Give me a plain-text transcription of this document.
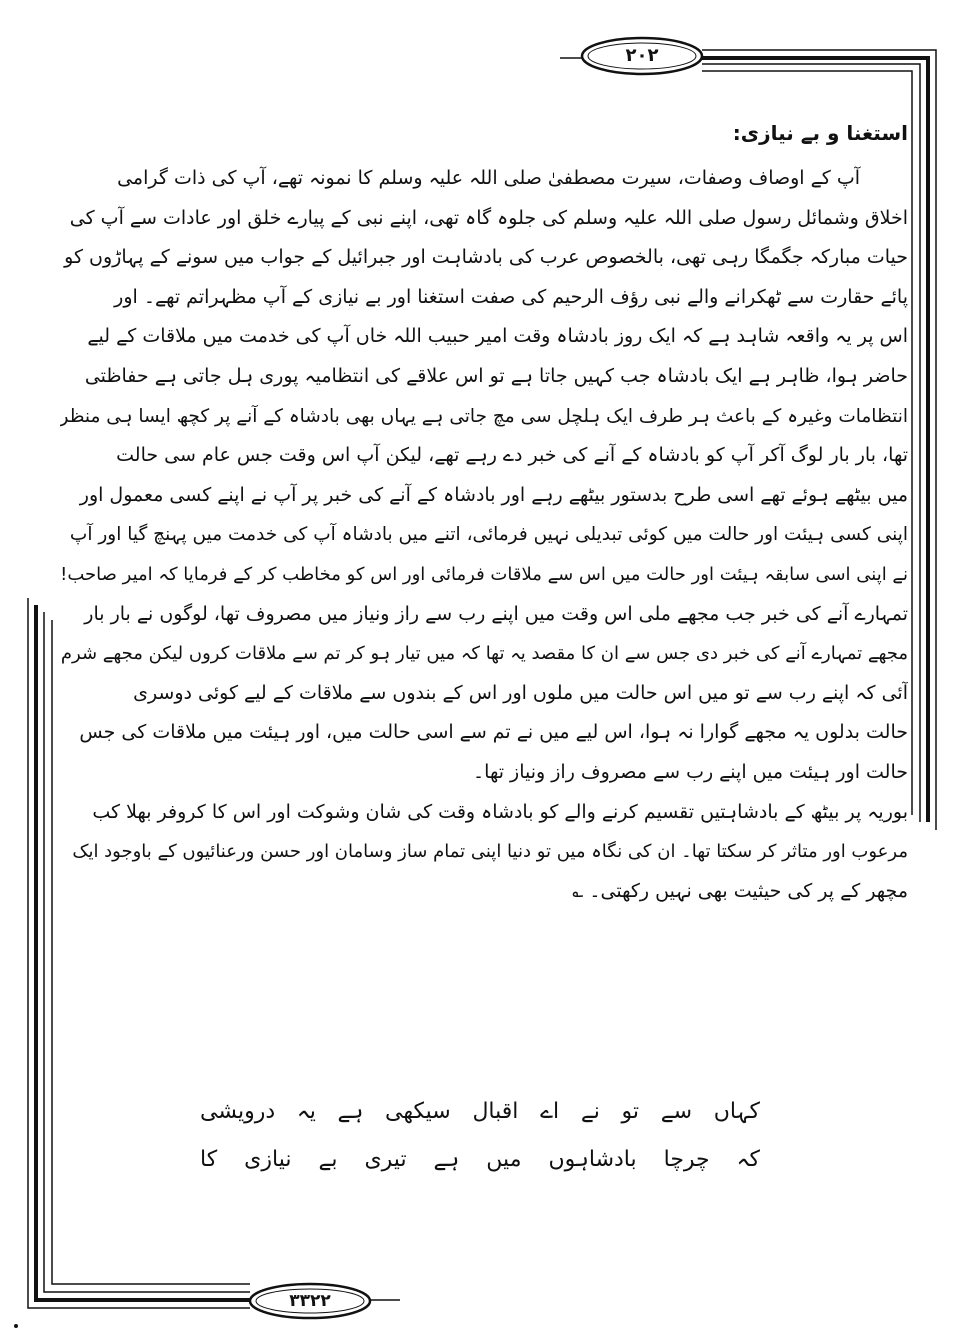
۲۰۲
۳۳۲۲
استغنا و بے نیازی:
آپ کے اوصاف وصفات، سیرت مصطفیٰ صلی اللہ علیہ وسلم کا نمونہ تھے، آپ کی ذات گرامی
اخلاق وشمائل رسول صلی اللہ علیہ وسلم کی جلوہ گاہ تھی، اپنے نبی کے پیارے خلق اور عادات سے آپ کی
حیات مبارکہ جگمگا رہی تھی، بالخصوص عرب کی بادشاہت اور جبرائیل کے جواب میں سونے کے پہاڑوں کو
پائے حقارت سے ٹھکرانے والے نبی رؤف الرحیم کی صفت استغنا اور بے نیازی کے آپ مظہراتم تھے۔ اور
اس پر یہ واقعہ شاہد ہے کہ ایک روز بادشاہ وقت امیر حبیب اللہ خاں آپ کی خدمت میں ملاقات کے لیے
حاضر ہوا، ظاہر ہے ایک بادشاہ جب کہیں جاتا ہے تو اس علاقے کی انتظامیہ پوری ہل جاتی ہے حفاظتی
انتظامات وغیرہ کے باعث ہر طرف ایک ہلچل سی مچ جاتی ہے یہاں بھی بادشاہ کے آنے پر کچھ ایسا ہی منظر
تھا، بار بار لوگ آکر آپ کو بادشاہ کے آنے کی خبر دے رہے تھے، لیکن آپ اس وقت جس عام سی حالت
میں بیٹھے ہوئے تھے اسی طرح بدستور بیٹھے رہے اور بادشاہ کے آنے کی خبر پر آپ نے اپنے کسی معمول اور
اپنی کسی ہیئت اور حالت میں کوئی تبدیلی نہیں فرمائی، اتنے میں بادشاہ آپ کی خدمت میں پہنچ گیا اور آپ
نے اپنی اسی سابقہ ہیئت اور حالت میں اس سے ملاقات فرمائی اور اس کو مخاطب کر کے فرمایا کہ امیر صاحب!
تمہارے آنے کی خبر جب مجھے ملی اس وقت میں اپنے رب سے راز ونیاز میں مصروف تھا، لوگوں نے بار بار
مجھے تمہارے آنے کی خبر دی جس سے ان کا مقصد یہ تھا کہ میں تیار ہو کر تم سے ملاقات کروں لیکن مجھے شرم
آئی کہ اپنے رب سے تو میں اس حالت میں ملوں اور اس کے بندوں سے ملاقات کے لیے کوئی دوسری
حالت بدلوں یہ مجھے گوارا نہ ہوا، اس لیے میں نے تم سے اسی حالت میں، اور ہیئت میں ملاقات کی جس
حالت اور ہیئت میں اپنے رب سے مصروف راز ونیاز تھا۔
بوریہ پر بیٹھ کے بادشاہتیں تقسیم کرنے والے کو بادشاہ وقت کی شان وشوکت اور اس کا کروفر بھلا کب
مرعوب اور متاثر کر سکتا تھا۔ ان کی نگاہ میں تو دنیا اپنی تمام ساز وسامان اور حسن ورعنائیوں کے باوجود ایک
مچھر کے پر کی حیثیت بھی نہیں رکھتی۔ ؎
کہاں سے تو نے اے اقبال سیکھی ہے یہ درویشی
کہ چرچا بادشاہوں میں ہے تیری بے نیازی کا
